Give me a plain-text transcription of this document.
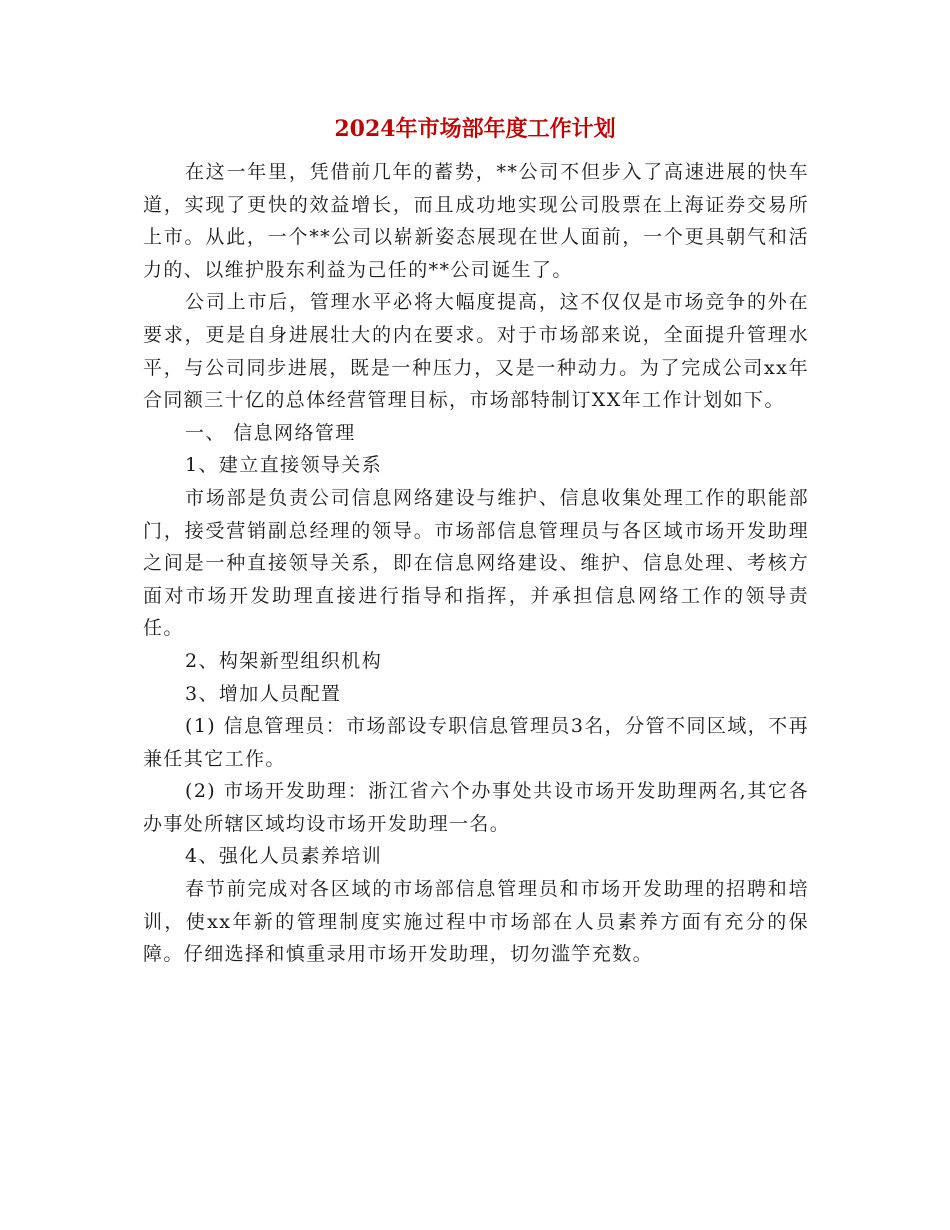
2024年市场部年度工作计划

在这一年里，凭借前几年的蓄势，**公司不但步入了高速进展的快车道，实现了更快的效益增长，而且成功地实现公司股票在上海证券交易所上市。从此，一个**公司以崭新姿态展现在世人面前，一个更具朝气和活力的、以维护股东利益为己任的**公司诞生了。

公司上市后，管理水平必将大幅度提高，这不仅仅是市场竞争的外在要求，更是自身进展壮大的内在要求。对于市场部来说，全面提升管理水平，与公司同步进展，既是一种压力，又是一种动力。为了完成公司xx年合同额三十亿的总体经营管理目标，市场部特制订XX年工作计划如下。

一、 信息网络管理

1、建立直接领导关系

市场部是负责公司信息网络建设与维护、信息收集处理工作的职能部门，接受营销副总经理的领导。市场部信息管理员与各区域市场开发助理之间是一种直接领导关系，即在信息网络建设、维护、信息处理、考核方面对市场开发助理直接进行指导和指挥，并承担信息网络工作的领导责任。

2、构架新型组织机构

3、增加人员配置

(1) 信息管理员：市场部设专职信息管理员3名，分管不同区域，不再兼任其它工作。

(2) 市场开发助理：浙江省六个办事处共设市场开发助理两名,其它各办事处所辖区域均设市场开发助理一名。

4、强化人员素养培训

春节前完成对各区域的市场部信息管理员和市场开发助理的招聘和培训，使xx年新的管理制度实施过程中市场部在人员素养方面有充分的保障。仔细选择和慎重录用市场开发助理，切勿滥竽充数。
